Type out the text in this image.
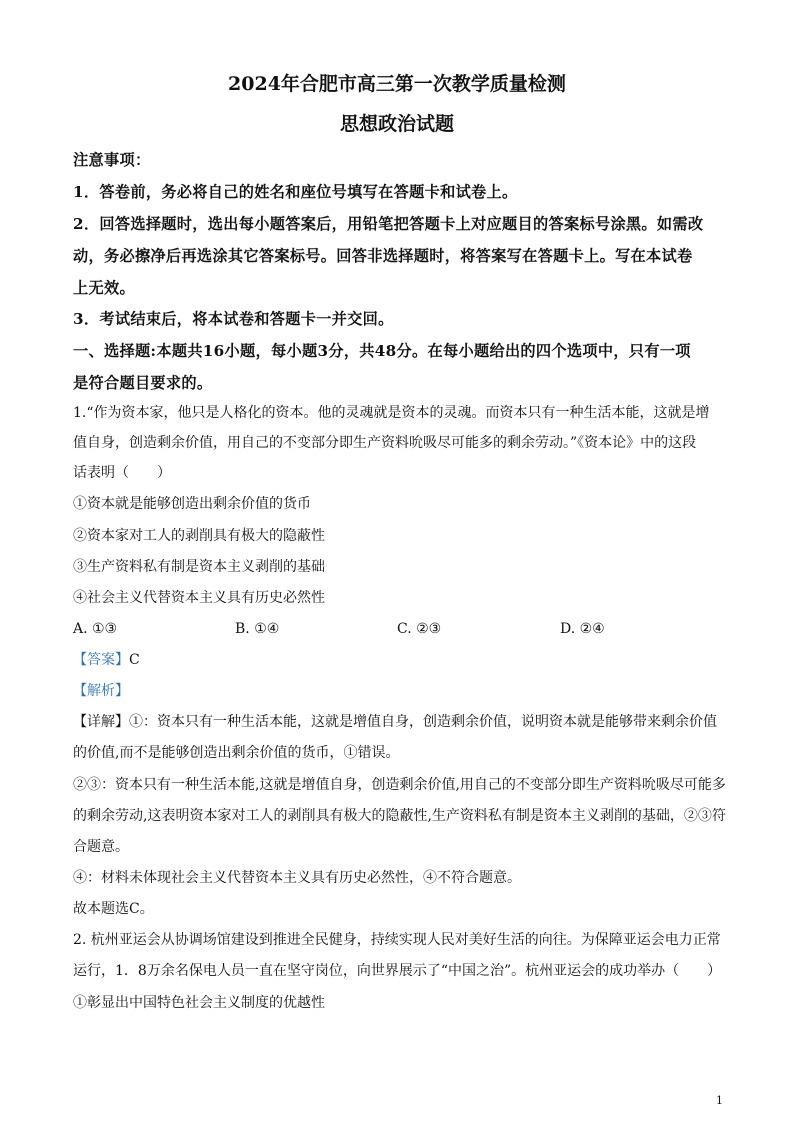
2024年合肥市高三第一次教学质量检测
思想政治试题
注意事项：
1．答卷前，务必将自己的姓名和座位号填写在答题卡和试卷上。
2．回答选择题时，选出每小题答案后，用铅笔把答题卡上对应题目的答案标号涂黑。如需改
动，务必擦净后再选涂其它答案标号。回答非选择题时，将答案写在答题卡上。写在本试卷
上无效。
3．考试结束后，将本试卷和答题卡一并交回。
一、选择题:本题共16小题，每小题3分，共48分。在每小题给出的四个选项中，只有一项
是符合题目要求的。
1.“作为资本家，他只是人格化的资本。他的灵魂就是资本的灵魂。而资本只有一种生活本能，这就是增
值自身，创造剩余价值，用自己的不变部分即生产资料吮吸尽可能多的剩余劳动。”《资本论》中的这段
话表明（　　）
①资本就是能够创造出剩余价值的货币
②资本家对工人的剥削具有极大的隐蔽性
③生产资料私有制是资本主义剥削的基础
④社会主义代替资本主义具有历史必然性
A. ①③	B. ①④	C. ②③	D. ②④
【答案】C
【解析】
【详解】①：资本只有一种生活本能，这就是增值自身，创造剩余价值，说明资本就是能够带来剩余价值
的价值,而不是能够创造出剩余价值的货币，①错误。
②③：资本只有一种生活本能,这就是增值自身，创造剩余价值,用自己的不变部分即生产资料吮吸尽可能多
的剩余劳动,这表明资本家对工人的剥削具有极大的隐蔽性,生产资料私有制是资本主义剥削的基础，②③符
合题意。
④：材料未体现社会主义代替资本主义具有历史必然性，④不符合题意。
故本题选C。
2. 杭州亚运会从协调场馆建设到推进全民健身，持续实现人民对美好生活的向往。为保障亚运会电力正常
运行，1．8万余名保电人员一直在坚守岗位，向世界展示了“中国之治”。杭州亚运会的成功举办（　　）
①彰显出中国特色社会主义制度的优越性
1
